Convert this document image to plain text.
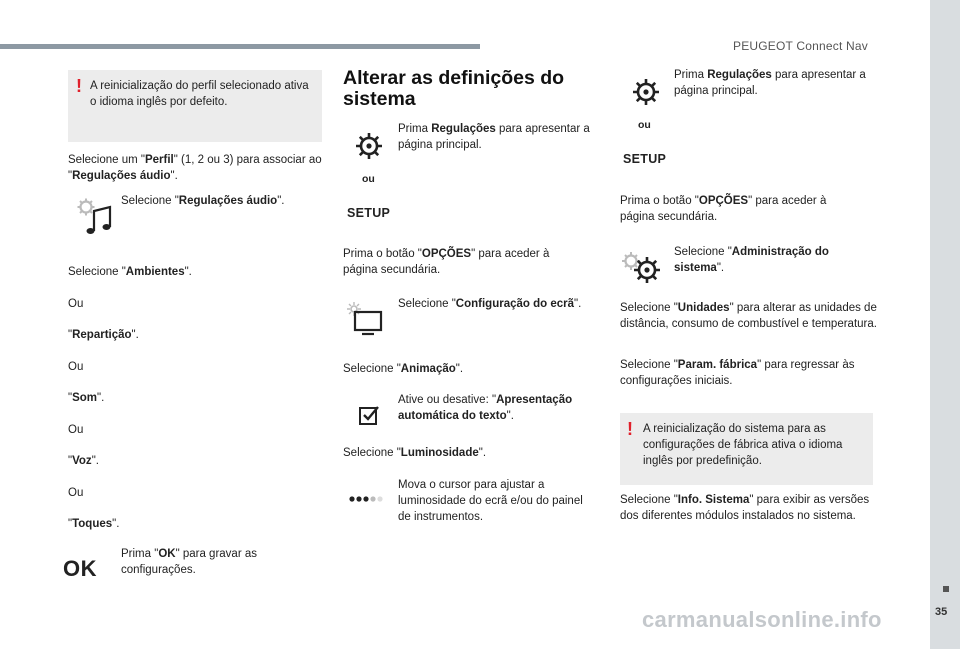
PEUGEOT Connect Nav
35
carmanualsonline.info
! A reinicialização do perfil selecionado ativa o idioma inglês por defeito.

Selecione um "Perfil" (1, 2 ou 3) para associar ao "Regulações áudio".

Selecione "Regulações áudio".

Selecione "Ambientes".

Ou

"Repartição".

Ou

"Som".

Ou

"Voz".

Ou

"Toques".

OK

Prima "OK" para gravar as configurações.

Alterar as definições do sistema

Prima Regulações para apresentar a página principal.

ou
SETUP

Prima o botão "OPÇÕES" para aceder à página secundária.

Selecione "Configuração do ecrã".

Selecione "Animação".

Ative ou desative: "Apresentação automática do texto".

Selecione "Luminosidade".

Mova o cursor para ajustar a luminosidade do ecrã e/ou do painel de instrumentos.

Prima Regulações para apresentar a página principal.

ou
SETUP

Prima o botão "OPÇÕES" para aceder à página secundária.

Selecione "Administração do sistema".

Selecione "Unidades" para alterar as unidades de distância, consumo de combustível e temperatura.

Selecione "Param. fábrica" para regressar às configurações iniciais.

! A reinicialização do sistema para as configurações de fábrica ativa o idioma inglês por predefinição.

Selecione "Info. Sistema" para exibir as versões dos diferentes módulos instalados no sistema.
